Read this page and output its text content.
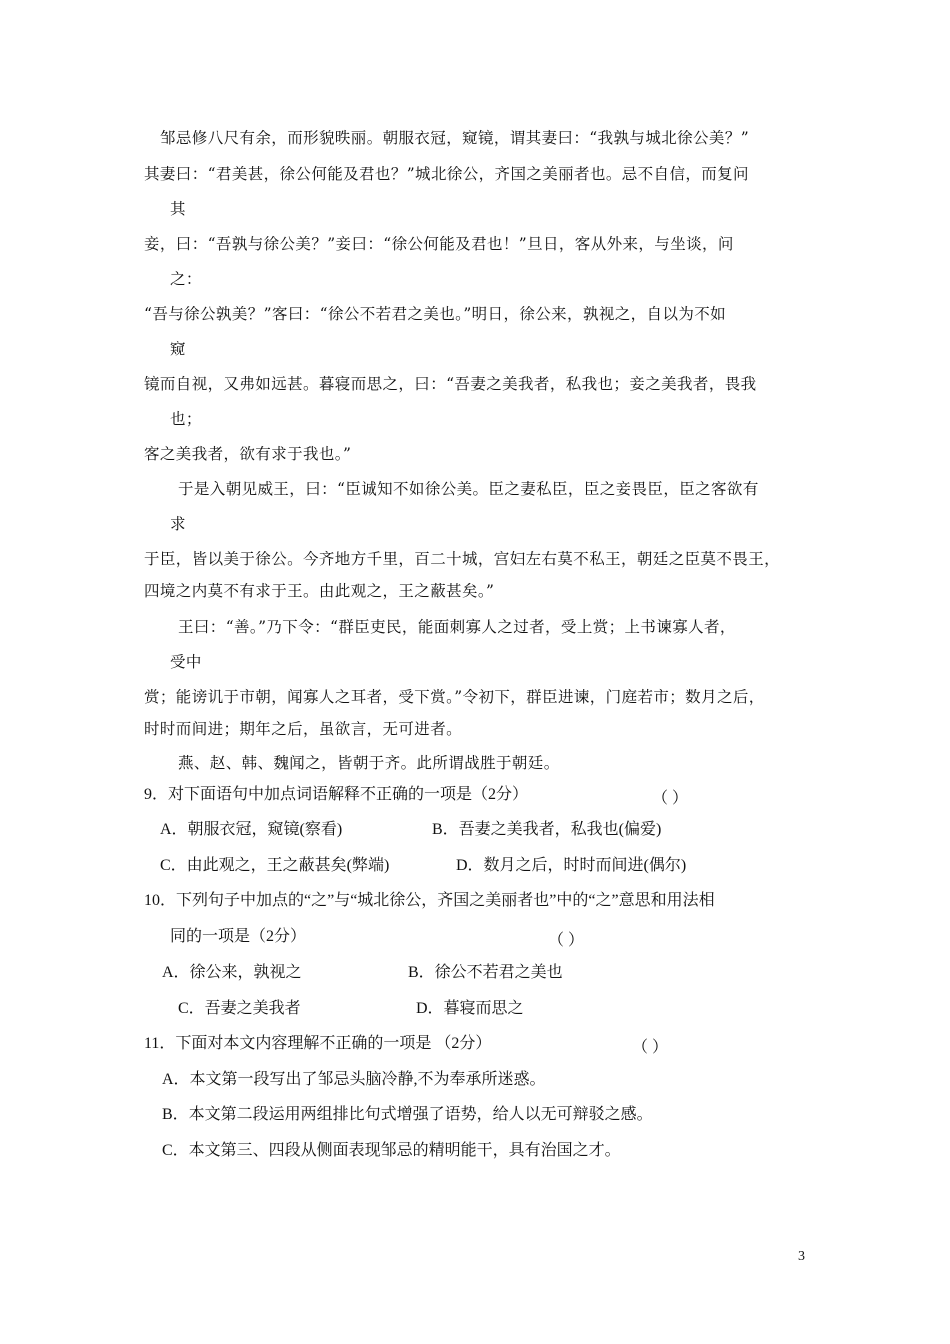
邹忌修八尺有余，而形貌昳丽。朝服衣冠，窥镜，谓其妻曰：“我孰与城北徐公美？”
其妻曰：“君美甚，徐公何能及君也？”城北徐公，齐国之美丽者也。忌不自信，而复问
其
妾，曰：“吾孰与徐公美？”妾曰：“徐公何能及君也！”旦日，客从外来，与坐谈，问
之：
“吾与徐公孰美？”客曰：“徐公不若君之美也。”明日，徐公来，孰视之，自以为不如
窥
镜而自视，又弗如远甚。暮寝而思之，曰：“吾妻之美我者，私我也；妾之美我者，畏我
也；
客之美我者，欲有求于我也。”
于是入朝见威王，曰：“臣诚知不如徐公美。臣之妻私臣，臣之妾畏臣，臣之客欲有
求
于臣，皆以美于徐公。今齐地方千里，百二十城，宫妇左右莫不私王，朝廷之臣莫不畏王，
四境之内莫不有求于王。由此观之，王之蔽甚矣。”
王曰：“善。”乃下令：“群臣吏民，能面刺寡人之过者，受上赏；上书谏寡人者，
受中
赏；能谤讥于市朝，闻寡人之耳者，受下赏。”令初下，群臣进谏，门庭若市；数月之后，
时时而间进；期年之后，虽欲言，无可进者。
燕、赵、韩、魏闻之，皆朝于齐。此所谓战胜于朝廷。
9．对下面语句中加点词语解释不正确的一项是（2分）	（ ）
A．朝服衣冠，窥镜(察看)	B．吾妻之美我者，私我也(偏爱)
C．由此观之，王之蔽甚矣(弊端)	D．数月之后，时时而间进(偶尔)
10．下列句子中加点的“之”与“城北徐公，齐国之美丽者也”中的“之”意思和用法相
同的一项是（2分）	（ ）
A．徐公来，孰视之	B．徐公不若君之美也
C．吾妻之美我者	D．暮寝而思之
11．下面对本文内容理解不正确的一项是 （2分）	（ ）
A．本文第一段写出了邹忌头脑冷静,不为奉承所迷惑。
B．本文第二段运用两组排比句式增强了语势，给人以无可辩驳之感。
C．本文第三、四段从侧面表现邹忌的精明能干，具有治国之才。
3
